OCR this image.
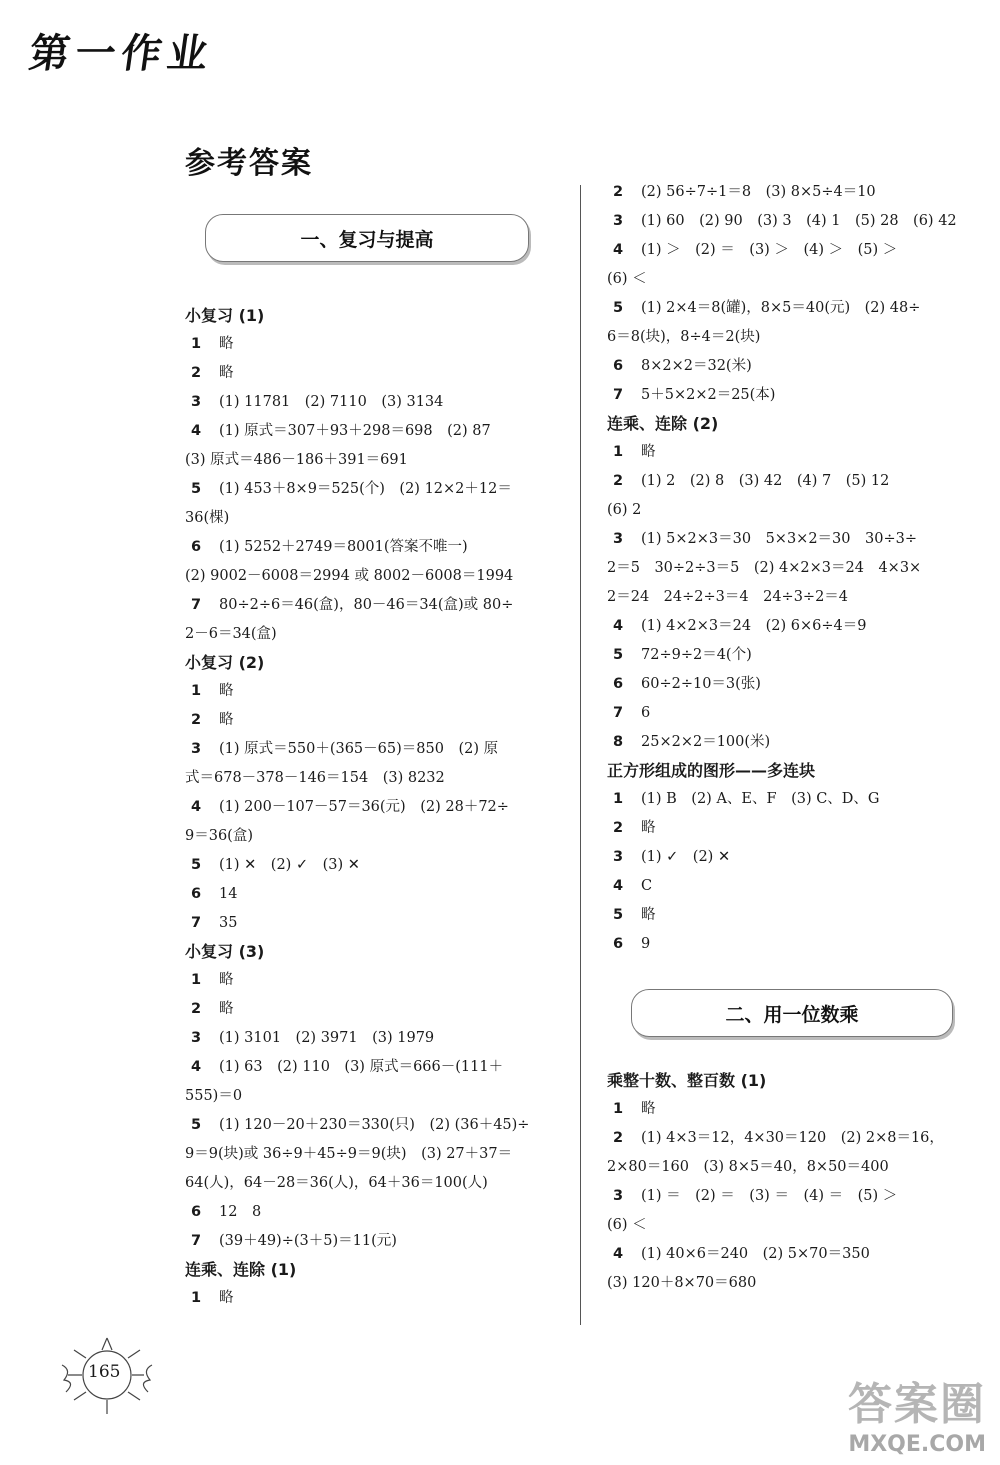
第一作业
参考答案
一、复习与提高
小复习 (1)
1 略
2 略
3 (1) 11781　(2) 7110　(3) 3134
4 (1) 原式＝307＋93＋298＝698　(2) 87
(3) 原式＝486－186＋391＝691
5 (1) 453＋8×9＝525(个)　(2) 12×2＋12＝
36(棵)
6 (1) 5252＋2749＝8001(答案不唯一)
(2) 9002－6008＝2994 或 8002－6008＝1994
7 80÷2÷6＝46(盒)，80－46＝34(盒)或 80÷
2－6＝34(盒)
小复习 (2)
1 略
2 略
3 (1) 原式＝550＋(365－65)＝850　(2) 原
式＝678－378－146＝154　(3) 8232
4 (1) 200－107－57＝36(元)　(2) 28＋72÷
9＝36(盒)
5 (1) ✕　(2) ✓　(3) ✕
6 14
7 35
小复习 (3)
1 略
2 略
3 (1) 3101　(2) 3971　(3) 1979
4 (1) 63　(2) 110　(3) 原式＝666－(111＋
555)＝0
5 (1) 120－20＋230＝330(只)　(2) (36＋45)÷
9＝9(块)或 36÷9＋45÷9＝9(块)　(3) 27＋37＝
64(人)，64－28＝36(人)，64＋36＝100(人)
6 12　8
7 (39＋49)÷(3＋5)＝11(元)
连乘、连除 (1)
1 略
2 (2) 56÷7÷1＝8　(3) 8×5÷4＝10
3 (1) 60　(2) 90　(3) 3　(4) 1　(5) 28　(6) 42
4 (1) ＞　(2) ＝　(3) ＞　(4) ＞　(5) ＞
(6) ＜
5 (1) 2×4＝8(罐)，8×5＝40(元)　(2) 48÷
6＝8(块)，8÷4＝2(块)
6 8×2×2＝32(米)
7 5＋5×2×2＝25(本)
连乘、连除 (2)
1 略
2 (1) 2　(2) 8　(3) 42　(4) 7　(5) 12
(6) 2
3 (1) 5×2×3＝30　5×3×2＝30　30÷3÷
2＝5　30÷2÷3＝5　(2) 4×2×3＝24　4×3×
2＝24　24÷2÷3＝4　24÷3÷2＝4
4 (1) 4×2×3＝24　(2) 6×6÷4＝9
5 72÷9÷2＝4(个)
6 60÷2÷10＝3(张)
7 6
8 25×2×2＝100(米)
正方形组成的图形——多连块
1 (1) B　(2) A、E、F　(3) C、D、G
2 略
3 (1) ✓　(2) ✕
4 C
5 略
6 9
二、用一位数乘
乘整十数、整百数 (1)
1 略
2 (1) 4×3＝12，4×30＝120　(2) 2×8＝16，
2×80＝160　(3) 8×5＝40，8×50＝400
3 (1) ＝　(2) ＝　(3) ＝　(4) ＝　(5) ＞
(6) ＜
4 (1) 40×6＝240　(2) 5×70＝350
(3) 120＋8×70＝680
165
答案圈
MXQE.COM
